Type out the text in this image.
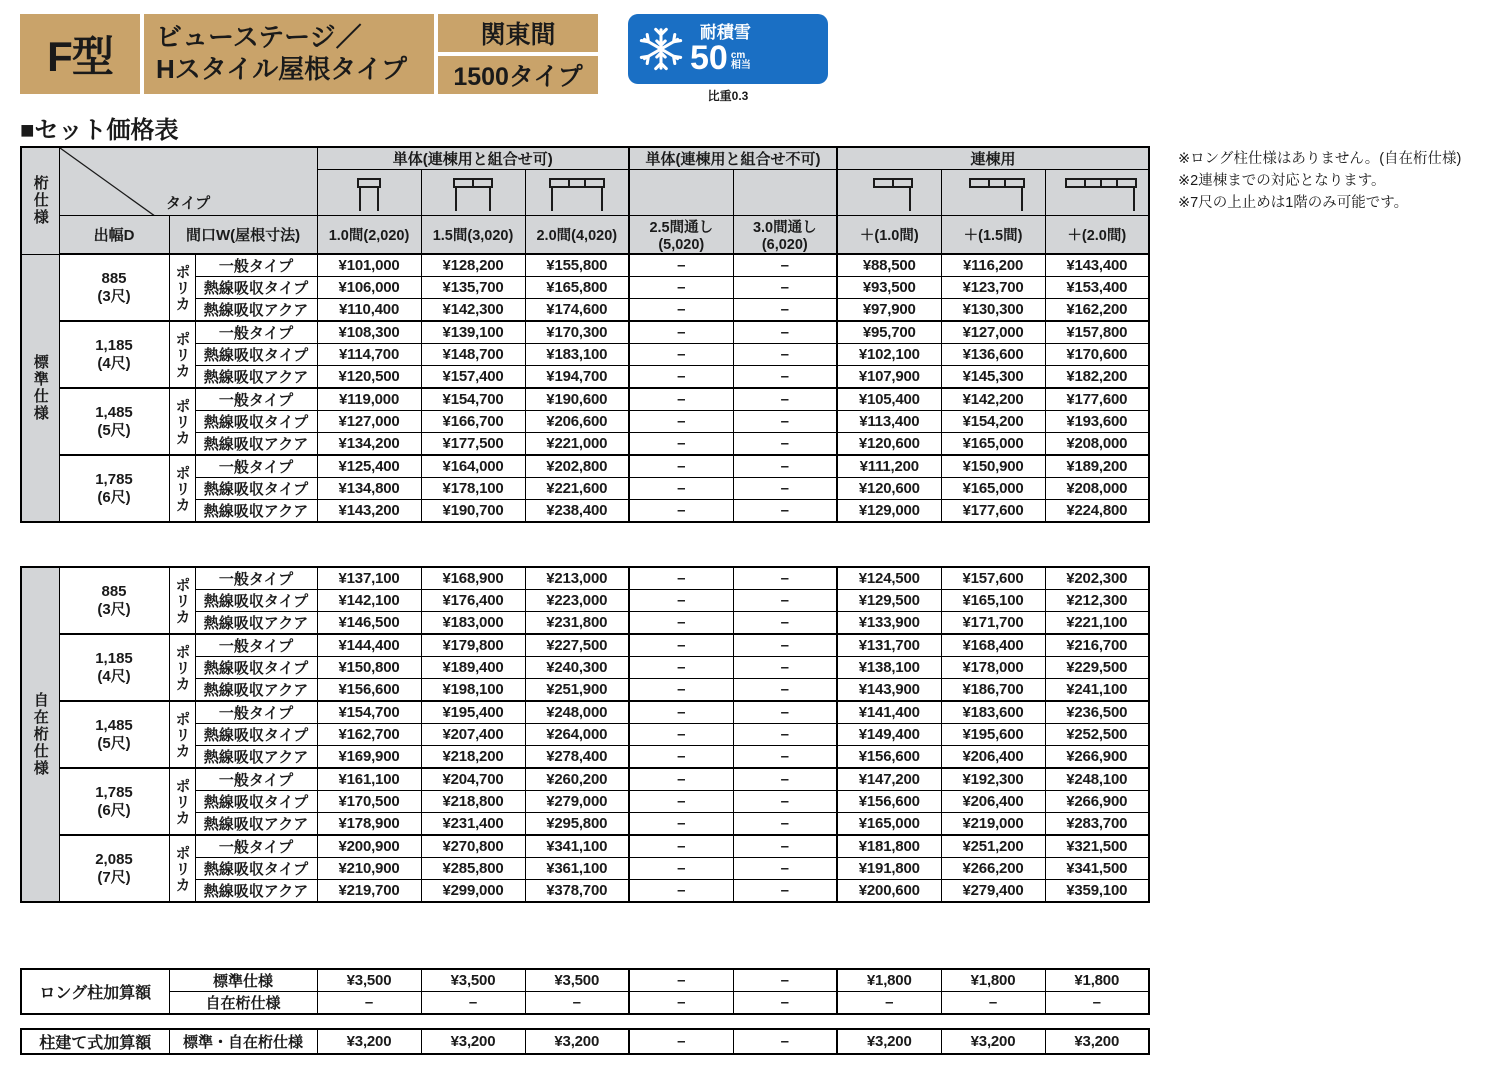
F型	ビューステージ／
Hスタイル屋根タイプ
関東間
1500タイプ
耐積雪
50 cm
相当
比重0.3
■セット価格表
※ロング柱仕様はありません。(自在桁仕様)
※2連棟までの対応となります。
※7尺の上止めは1階のみ可能です。
桁仕様	タイプ			単体(連棟用と組合せ可)			単体(連棟用と組合せ不可)		連棟用		

	出幅D	間口W(屋根寸法)		1.0間(2,020)	1.5間(3,020)	2.0間(4,020)	2.5間通し(5,020)	3.0間通し(6,020)	＋(1.0間)	＋(1.5間)	＋(2.0間)
標準仕様	885
(3尺)	ポリカ	一般タイプ	¥101,000	¥128,200	¥155,800	–	–	¥88,500	¥116,200	¥143,400
			熱線吸収タイプ	¥106,000	¥135,700	¥165,800	–	–	¥93,500	¥123,700	¥153,400
			熱線吸収アクア	¥110,400	¥142,300	¥174,600	–	–	¥97,900	¥130,300	¥162,200
	1,185
(4尺)	ポリカ	一般タイプ	¥108,300	¥139,100	¥170,300	–	–	¥95,700	¥127,000	¥157,800
			熱線吸収タイプ	¥114,700	¥148,700	¥183,100	–	–	¥102,100	¥136,600	¥170,600
			熱線吸収アクア	¥120,500	¥157,400	¥194,700	–	–	¥107,900	¥145,300	¥182,200
	1,485
(5尺)	ポリカ	一般タイプ	¥119,000	¥154,700	¥190,600	–	–	¥105,400	¥142,200	¥177,600
			熱線吸収タイプ	¥127,000	¥166,700	¥206,600	–	–	¥113,400	¥154,200	¥193,600
			熱線吸収アクア	¥134,200	¥177,500	¥221,000	–	–	¥120,600	¥165,000	¥208,000
	1,785
(6尺)	ポリカ	一般タイプ	¥125,400	¥164,000	¥202,800	–	–	¥111,200	¥150,900	¥189,200
			熱線吸収タイプ	¥134,800	¥178,100	¥221,600	–	–	¥120,600	¥165,000	¥208,000
			熱線吸収アクア	¥143,200	¥190,700	¥238,400	–	–	¥129,000	¥177,600	¥224,800
自在桁仕様	885
(3尺)	ポリカ	一般タイプ	¥137,100	¥168,900	¥213,000	–	–	¥124,500	¥157,600	¥202,300
			熱線吸収タイプ	¥142,100	¥176,400	¥223,000	–	–	¥129,500	¥165,100	¥212,300
			熱線吸収アクア	¥146,500	¥183,000	¥231,800	–	–	¥133,900	¥171,700	¥221,100
	1,185
(4尺)	ポリカ	一般タイプ	¥144,400	¥179,800	¥227,500	–	–	¥131,700	¥168,400	¥216,700
			熱線吸収タイプ	¥150,800	¥189,400	¥240,300	–	–	¥138,100	¥178,000	¥229,500
			熱線吸収アクア	¥156,600	¥198,100	¥251,900	–	–	¥143,900	¥186,700	¥241,100
	1,485
(5尺)	ポリカ	一般タイプ	¥154,700	¥195,400	¥248,000	–	–	¥141,400	¥183,600	¥236,500
			熱線吸収タイプ	¥162,700	¥207,400	¥264,000	–	–	¥149,400	¥195,600	¥252,500
			熱線吸収アクア	¥169,900	¥218,200	¥278,400	–	–	¥156,600	¥206,400	¥266,900
	1,785
(6尺)	ポリカ	一般タイプ	¥161,100	¥204,700	¥260,200	–	–	¥147,200	¥192,300	¥248,100
			熱線吸収タイプ	¥170,500	¥218,800	¥279,000	–	–	¥156,600	¥206,400	¥266,900
			熱線吸収アクア	¥178,900	¥231,400	¥295,800	–	–	¥165,000	¥219,000	¥283,700
	2,085
(7尺)	ポリカ	一般タイプ	¥200,900	¥270,800	¥341,100	–	–	¥181,800	¥251,200	¥321,500
			熱線吸収タイプ	¥210,900	¥285,800	¥361,100	–	–	¥191,800	¥266,200	¥341,500
			熱線吸収アクア	¥219,700	¥299,000	¥378,700	–	–	¥200,600	¥279,400	¥359,100
ロング柱加算額	標準仕様	¥3,500	¥3,500	¥3,500	–	–	¥1,800	¥1,800	¥1,800
	自在桁仕様	–	–	–	–	–	–	–	–
柱建て式加算額	標準・自在桁仕様	¥3,200	¥3,200	¥3,200	–	–	¥3,200	¥3,200	¥3,200
